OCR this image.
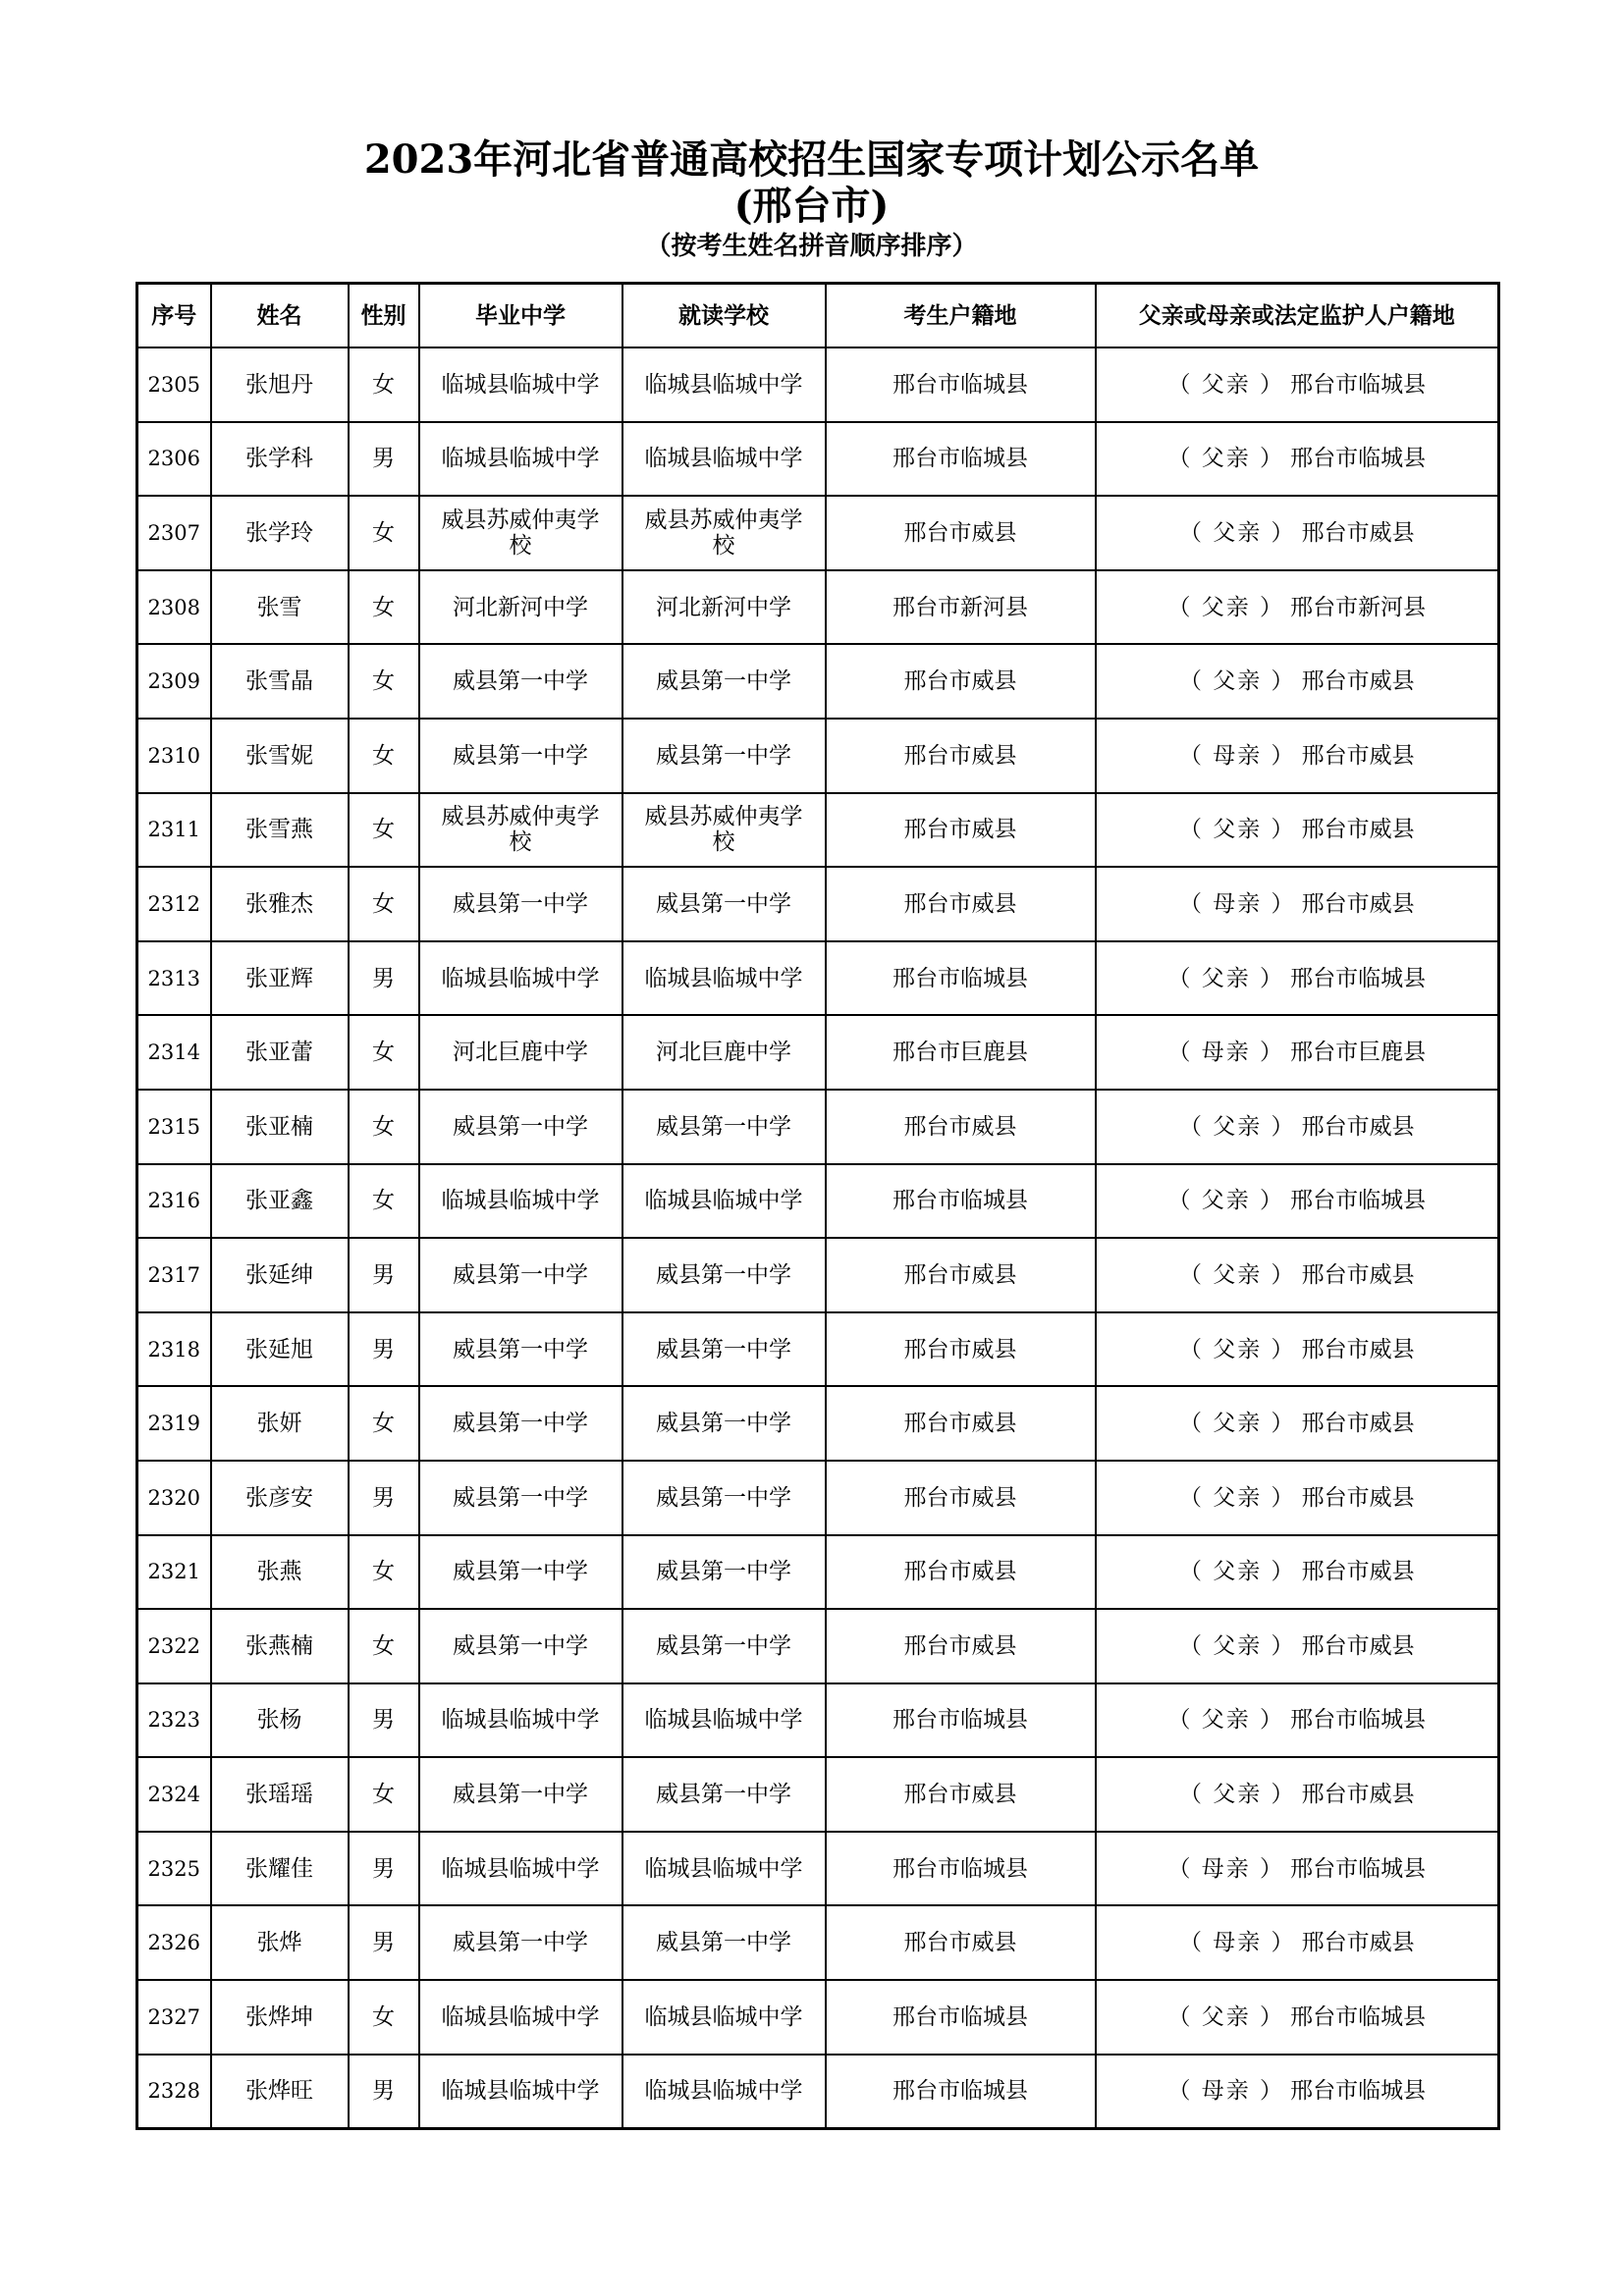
2023年河北省普通高校招生国家专项计划公示名单
(邢台市)
（按考生姓名拼音顺序排序）
序号	姓名	性别	毕业中学	就读学校	考生户籍地	父亲或母亲或法定监护人户籍地
2305	张旭丹	女	临城县临城中学	临城县临城中学	邢台市临城县	（ 父亲 ） 邢台市临城县
2306	张学科	男	临城县临城中学	临城县临城中学	邢台市临城县	（ 父亲 ） 邢台市临城县
2307	张学玲	女	威县苏威仲夷学校	威县苏威仲夷学校	邢台市威县	（ 父亲 ） 邢台市威县
2308	张雪	女	河北新河中学	河北新河中学	邢台市新河县	（ 父亲 ） 邢台市新河县
2309	张雪晶	女	威县第一中学	威县第一中学	邢台市威县	（ 父亲 ） 邢台市威县
2310	张雪妮	女	威县第一中学	威县第一中学	邢台市威县	（ 母亲 ） 邢台市威县
2311	张雪燕	女	威县苏威仲夷学校	威县苏威仲夷学校	邢台市威县	（ 父亲 ） 邢台市威县
2312	张雅杰	女	威县第一中学	威县第一中学	邢台市威县	（ 母亲 ） 邢台市威县
2313	张亚辉	男	临城县临城中学	临城县临城中学	邢台市临城县	（ 父亲 ） 邢台市临城县
2314	张亚蕾	女	河北巨鹿中学	河北巨鹿中学	邢台市巨鹿县	（ 母亲 ） 邢台市巨鹿县
2315	张亚楠	女	威县第一中学	威县第一中学	邢台市威县	（ 父亲 ） 邢台市威县
2316	张亚鑫	女	临城县临城中学	临城县临城中学	邢台市临城县	（ 父亲 ） 邢台市临城县
2317	张延绅	男	威县第一中学	威县第一中学	邢台市威县	（ 父亲 ） 邢台市威县
2318	张延旭	男	威县第一中学	威县第一中学	邢台市威县	（ 父亲 ） 邢台市威县
2319	张妍	女	威县第一中学	威县第一中学	邢台市威县	（ 父亲 ） 邢台市威县
2320	张彦安	男	威县第一中学	威县第一中学	邢台市威县	（ 父亲 ） 邢台市威县
2321	张燕	女	威县第一中学	威县第一中学	邢台市威县	（ 父亲 ） 邢台市威县
2322	张燕楠	女	威县第一中学	威县第一中学	邢台市威县	（ 父亲 ） 邢台市威县
2323	张杨	男	临城县临城中学	临城县临城中学	邢台市临城县	（ 父亲 ） 邢台市临城县
2324	张瑶瑶	女	威县第一中学	威县第一中学	邢台市威县	（ 父亲 ） 邢台市威县
2325	张耀佳	男	临城县临城中学	临城县临城中学	邢台市临城县	（ 母亲 ） 邢台市临城县
2326	张烨	男	威县第一中学	威县第一中学	邢台市威县	（ 母亲 ） 邢台市威县
2327	张烨坤	女	临城县临城中学	临城县临城中学	邢台市临城县	（ 父亲 ） 邢台市临城县
2328	张烨旺	男	临城县临城中学	临城县临城中学	邢台市临城县	（ 母亲 ） 邢台市临城县
